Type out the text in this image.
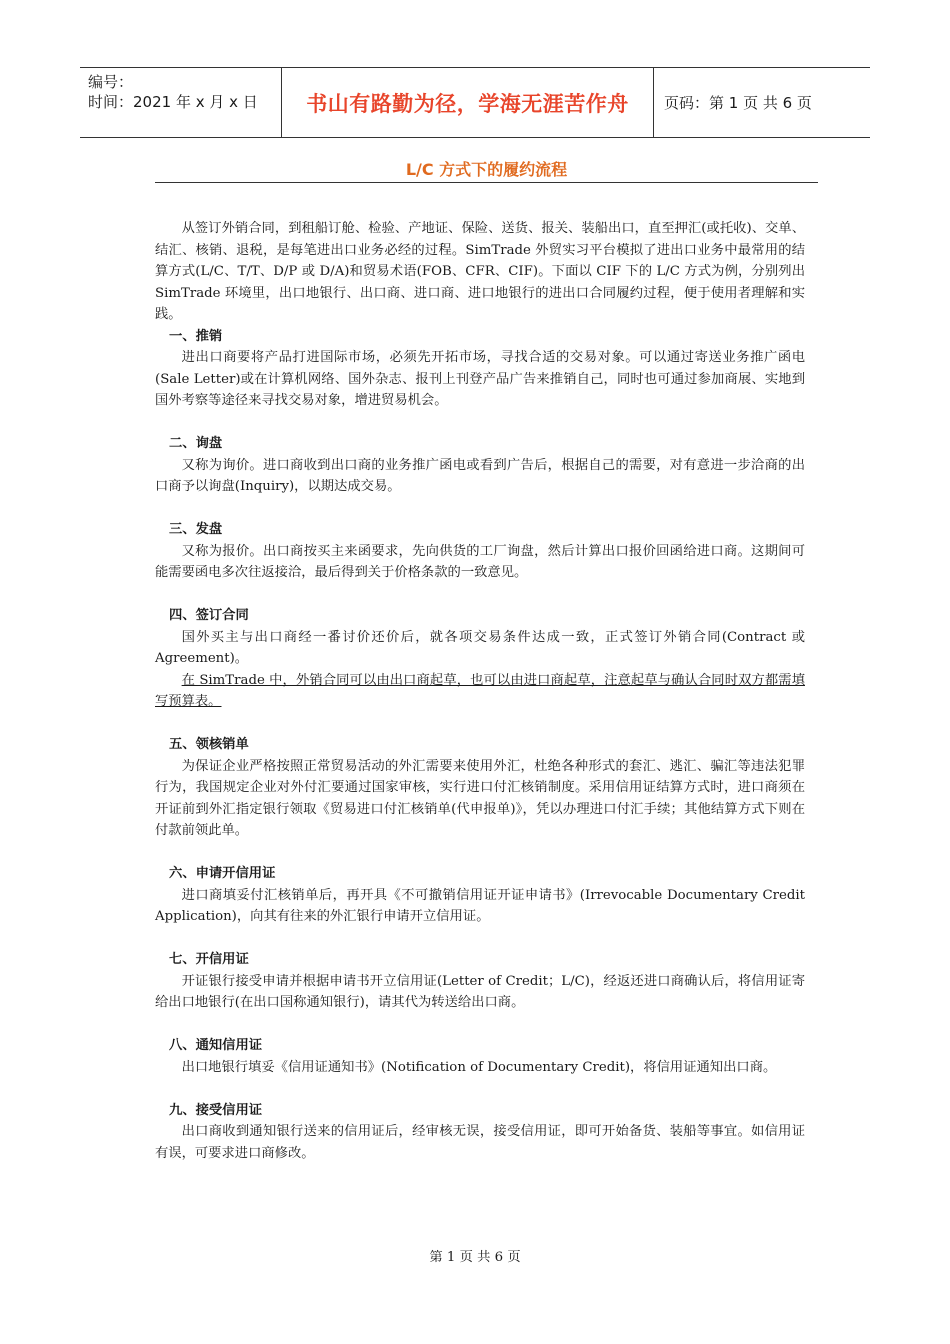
编号：
时间：2021 年 x 月 x 日	书山有路勤为径，学海无涯苦作舟	页码：第 1 页 共 6 页
L/C 方式下的履约流程

从签订外销合同，到租船订舱、检验、产地证、保险、送货、报关、装船出口，直至押汇(或托收)、交单、结汇、核销、退税，是每笔进出口业务必经的过程。SimTrade 外贸实习平台模拟了进出口业务中最常用的结算方式(L/C、T/T、D/P 或 D/A)和贸易术语(FOB、CFR、CIF)。下面以 CIF 下的 L/C 方式为例，分别列出 SimTrade 环境里，出口地银行、出口商、进口商、进口地银行的进出口合同履约过程，便于使用者理解和实践。

一、推销

进出口商要将产品打进国际市场，必须先开拓市场，寻找合适的交易对象。可以通过寄送业务推广函电(Sale Letter)或在计算机网络、国外杂志、报刊上刊登产品广告来推销自己，同时也可通过参加商展、实地到国外考察等途径来寻找交易对象，增进贸易机会。

二、询盘

又称为询价。进口商收到出口商的业务推广函电或看到广告后，根据自己的需要，对有意进一步洽商的出口商予以询盘(Inquiry)，以期达成交易。

三、发盘

又称为报价。出口商按买主来函要求，先向供货的工厂询盘，然后计算出口报价回函给进口商。这期间可能需要函电多次往返接洽，最后得到关于价格条款的一致意见。

四、签订合同

国外买主与出口商经一番讨价还价后，就各项交易条件达成一致，正式签订外销合同(Contract 或 Agreement)。

在 SimTrade 中，外销合同可以由出口商起草，也可以由进口商起草，注意起草与确认合同时双方都需填写预算表。

五、领核销单

为保证企业严格按照正常贸易活动的外汇需要来使用外汇，杜绝各种形式的套汇、逃汇、骗汇等违法犯罪行为，我国规定企业对外付汇要通过国家审核，实行进口付汇核销制度。采用信用证结算方式时，进口商须在开证前到外汇指定银行领取《贸易进口付汇核销单(代申报单)》，凭以办理进口付汇手续；其他结算方式下则在付款前领此单。

六、申请开信用证

进口商填妥付汇核销单后，再开具《不可撤销信用证开证申请书》(Irrevocable Documentary Credit Application)，向其有往来的外汇银行申请开立信用证。

七、开信用证

开证银行接受申请并根据申请书开立信用证(Letter of Credit；L/C)，经返还进口商确认后，将信用证寄给出口地银行(在出口国称通知银行)，请其代为转送给出口商。

八、通知信用证

出口地银行填妥《信用证通知书》(Notification of Documentary Credit)，将信用证通知出口商。

九、接受信用证

出口商收到通知银行送来的信用证后，经审核无误，接受信用证，即可开始备货、装船等事宜。如信用证有误，可要求进口商修改。

第 1 页 共 6 页
